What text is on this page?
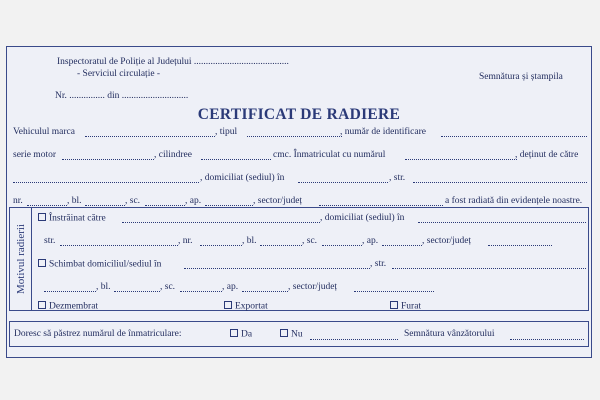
Inspectoratul de Poliție al Județului ........................................
- Serviciul circulație -
Nr. ............... din ............................
Semnătura și ștampila
CERTIFICAT DE RADIERE
Vehiculul marca	, tipul	, număr de identificare
serie motor	, cilindree	cmc. Înmatriculat cu numărul	, deținut de către
, domiciliat (sediul) în	, str.
nr.	, bl.	, sc.	, ap.	, sector/județ	a fost radiată din evidențele noastre.
Motivul radierii
Înstrăinat către	, domiciliat (sediul) în
str.	, nr.	, bl.	, sc.	, ap.	, sector/județ
Schimbat domiciliul/sediul în	, str.
, bl.	, sc.	, ap.	, sector/județ
Dezmembrat	Exportat	Furat
Doresc să păstrez numărul de înmatriculare:	Da	Nu	Semnătura vânzătorului
